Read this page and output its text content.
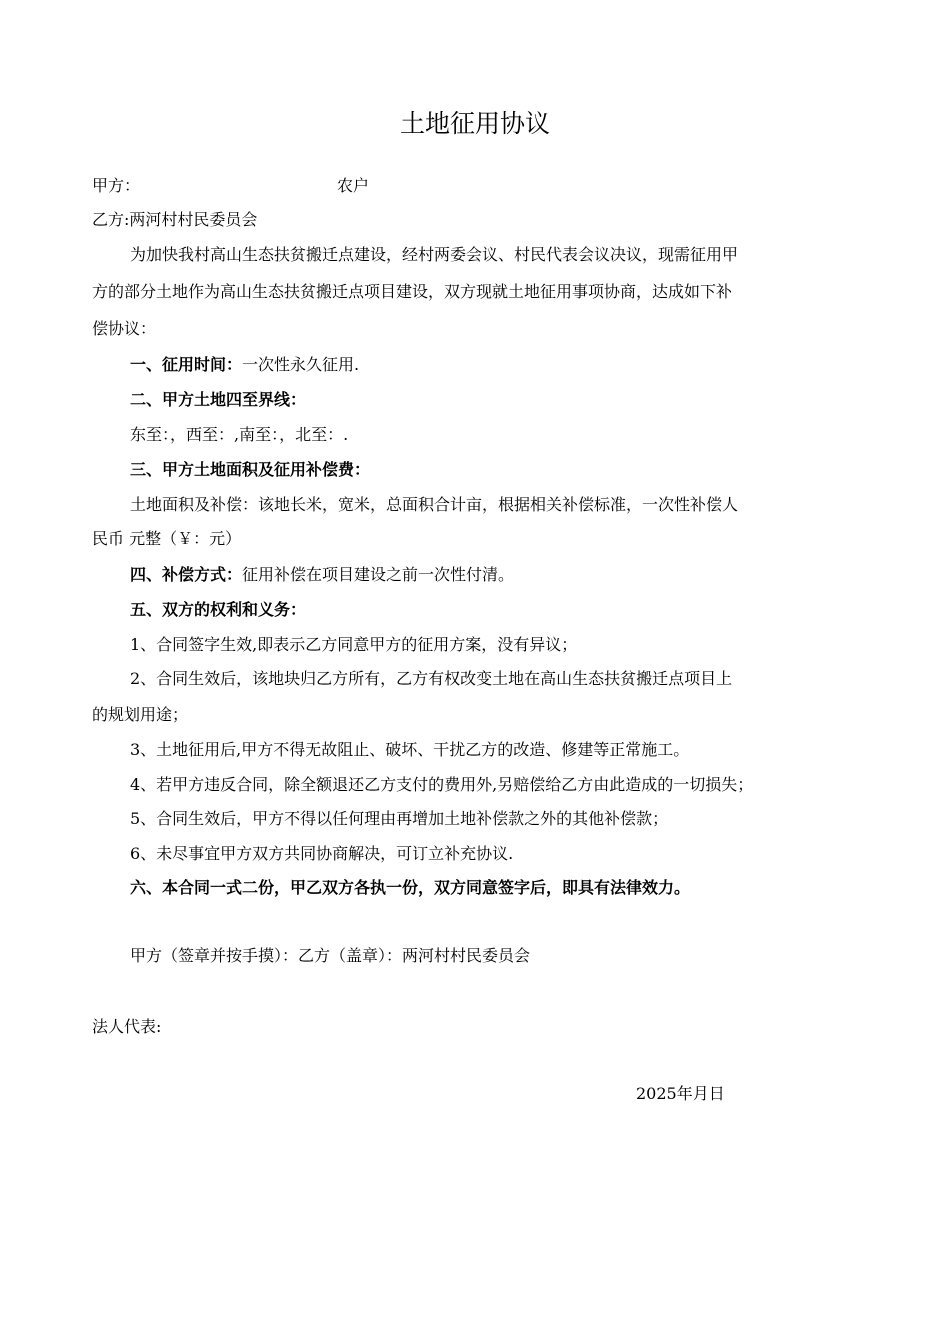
土地征用协议

甲方：	农户

乙方:两河村村民委员会

为加快我村高山生态扶贫搬迁点建设，经村两委会议、村民代表会议决议，现需征用甲

方的部分土地作为高山生态扶贫搬迁点项目建设，双方现就土地征用事项协商，达成如下补

偿协议：

一、征用时间：一次性永久征用.

二、甲方土地四至界线：

东至：，西至：,南至：，北至：.

三、甲方土地面积及征用补偿费：

土地面积及补偿：该地长米，宽米，总面积合计亩，根据相关补偿标准，一次性补偿人

民币 元整（￥：元）

四、补偿方式：征用补偿在项目建设之前一次性付清。

五、双方的权利和义务：

1、合同签字生效,即表示乙方同意甲方的征用方案，没有异议；

2、合同生效后，该地块归乙方所有，乙方有权改变土地在高山生态扶贫搬迁点项目上

的规划用途；

3、土地征用后,甲方不得无故阻止、破坏、干扰乙方的改造、修建等正常施工。

4、若甲方违反合同，除全额退还乙方支付的费用外,另赔偿给乙方由此造成的一切损失；

5、合同生效后，甲方不得以任何理由再增加土地补偿款之外的其他补偿款；

6、未尽事宜甲方双方共同协商解决，可订立补充协议.

六、本合同一式二份，甲乙双方各执一份，双方同意签字后，即具有法律效力。

甲方（签章并按手摸）：乙方（盖章）：两河村村民委员会

法人代表:

2025年月日
